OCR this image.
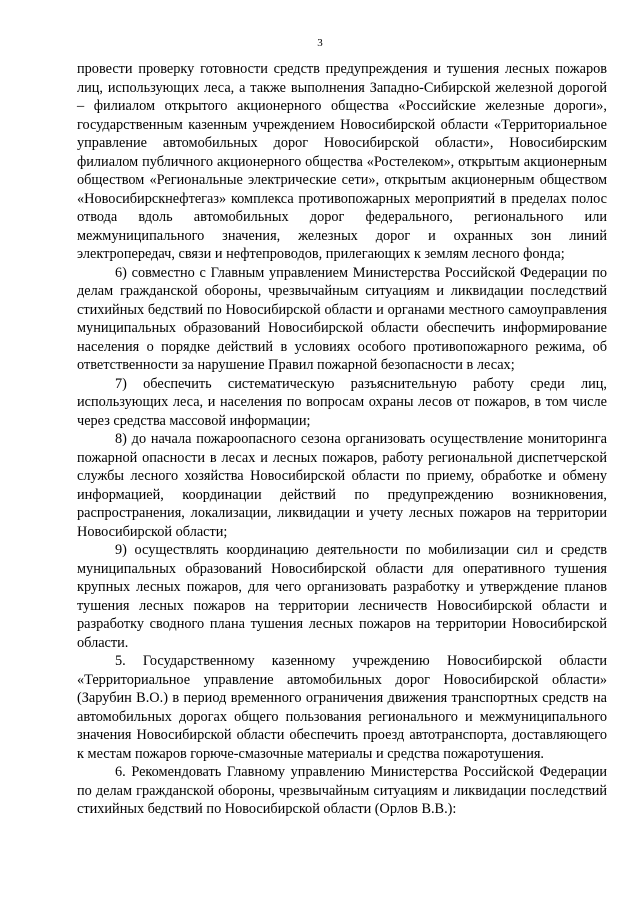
3

провести проверку готовности средств предупреждения и тушения лесных пожаров лиц, использующих леса, а также выполнения Западно-Сибирской железной дорогой – филиалом открытого акционерного общества «Российские железные дороги», государственным казенным учреждением Новосибирской области «Территориальное управление автомобильных дорог Новосибирской области», Новосибирским филиалом публичного акционерного общества «Ростелеком», открытым акционерным обществом «Региональные электрические сети», открытым акционерным обществом «Новосибирскнефтегаз» комплекса противопожарных мероприятий в пределах полос отвода вдоль автомобильных дорог федерального, регионального или межмуниципального значения, железных дорог и охранных зон линий электропередач, связи и нефтепроводов, прилегающих к землям лесного фонда;

6) совместно с Главным управлением Министерства Российской Федерации по делам гражданской обороны, чрезвычайным ситуациям и ликвидации последствий стихийных бедствий по Новосибирской области и органами местного самоуправления муниципальных образований Новосибирской области обеспечить информирование населения о порядке действий в условиях особого противопожарного режима, об ответственности за нарушение Правил пожарной безопасности в лесах;

7) обеспечить систематическую разъяснительную работу среди лиц, использующих леса, и населения по вопросам охраны лесов от пожаров, в том числе через средства массовой информации;

8) до начала пожароопасного сезона организовать осуществление мониторинга пожарной опасности в лесах и лесных пожаров, работу региональной диспетчерской службы лесного хозяйства Новосибирской области по приему, обработке и обмену информацией, координации действий по предупреждению возникновения, распространения, локализации, ликвидации и учету лесных пожаров на территории Новосибирской области;

9) осуществлять координацию деятельности по мобилизации сил и средств муниципальных образований Новосибирской области для оперативного тушения крупных лесных пожаров, для чего организовать разработку и утверждение планов тушения лесных пожаров на территории лесничеств Новосибирской области и разработку сводного плана тушения лесных пожаров на территории Новосибирской области.

5. Государственному казенному учреждению Новосибирской области «Территориальное управление автомобильных дорог Новосибирской области» (Зарубин В.О.) в период временного ограничения движения транспортных средств на автомобильных дорогах общего пользования регионального и межмуниципального значения Новосибирской области обеспечить проезд автотранспорта, доставляющего к местам пожаров горюче-смазочные материалы и средства пожаротушения.

6. Рекомендовать Главному управлению Министерства Российской Федерации по делам гражданской обороны, чрезвычайным ситуациям и ликвидации последствий стихийных бедствий по Новосибирской области (Орлов В.В.):
